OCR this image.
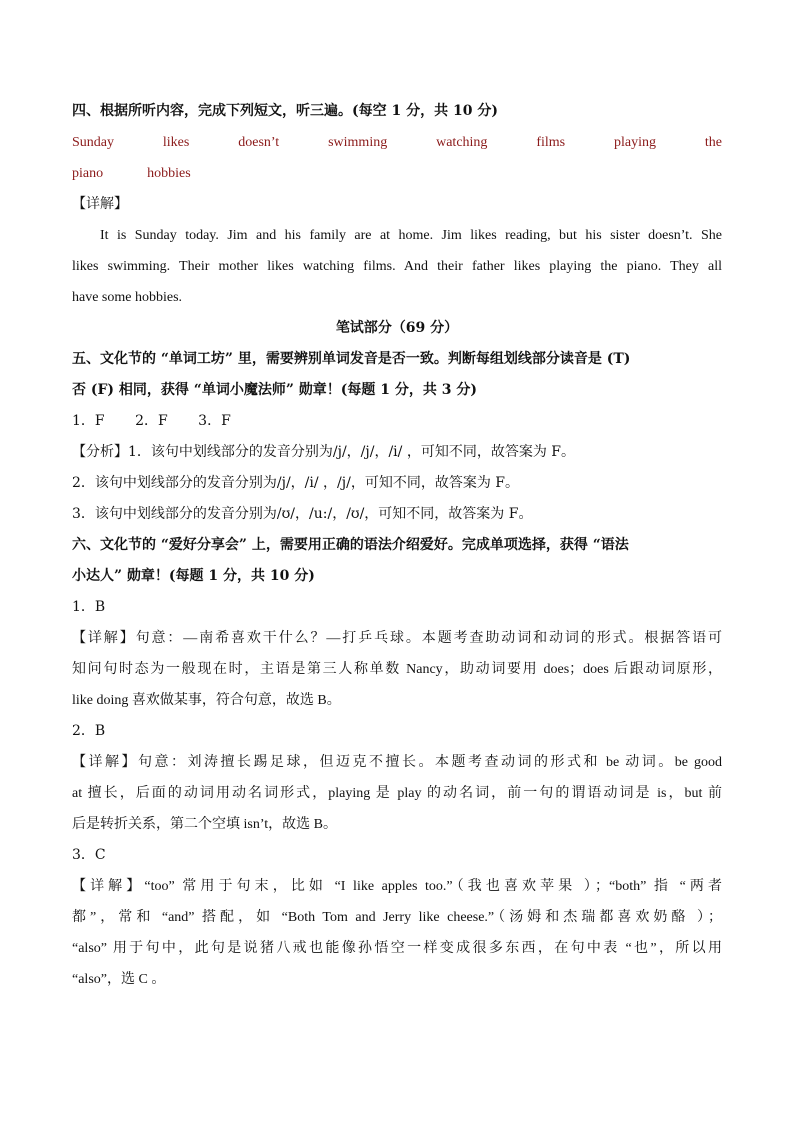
四、根据所听内容，完成下列短文，听三遍。(每空 1 分，共 10 分)
Sunday	likes	doesn’t	swimming	watching	films	playing	the
piano	hobbies
【详解】
It is Sunday today. Jim and his family are at home. Jim likes reading, but his sister doesn’t. She
likes swimming. Their mother likes watching films. And their father likes playing the piano. They all
have some hobbies.
笔试部分（69 分）
五、文化节的 “单词工坊” 里，需要辨别单词发音是否一致。判断每组划线部分读音是 (T)
否 (F) 相同，获得 “单词小魔法师” 勋章！(每题 1 分，共 3 分)
1．F 2．F 3．F
【分析】1．该句中划线部分的发音分别为/j/，/j/，/i/ ，可知不同，故答案为 F。
2．该句中划线部分的发音分别为/j/，/i/ ，/j/，可知不同，故答案为 F。
3．该句中划线部分的发音分别为/ʊ/，/u:/，/ʊ/，可知不同，故答案为 F。
六、文化节的 “爱好分享会” 上，需要用正确的语法介绍爱好。完成单项选择，获得 “语法
小达人” 勋章！(每题 1 分，共 10 分)
1．B
【详解】句意：—南希喜欢干什么？—打乒乓球。本题考查助动词和动词的形式。根据答语可
知问句时态为一般现在时，主语是第三人称单数 Nancy，助动词要用 does；does 后跟动词原形，
like doing 喜欢做某事，符合句意，故选 B。
2．B
【详解】句意：刘涛擅长踢足球，但迈克不擅长。本题考查动词的形式和 be 动词。be good
at 擅长，后面的动词用动名词形式，playing 是 play 的动名词，前一句的谓语动词是 is，but 前
后是转折关系，第二个空填 isn’t，故选 B。
3．C
【详解】“too” 常用于句末，比如 “I like apples too.”（我也喜欢苹果 ）；“both” 指 “两者
都”，常和 “and” 搭配，如 “Both Tom and Jerry like cheese.”（汤姆和杰瑞都喜欢奶酪 ）；
“also” 用于句中，此句是说猪八戒也能像孙悟空一样变成很多东西，在句中表 “也”，所以用
“also”，选 C 。
